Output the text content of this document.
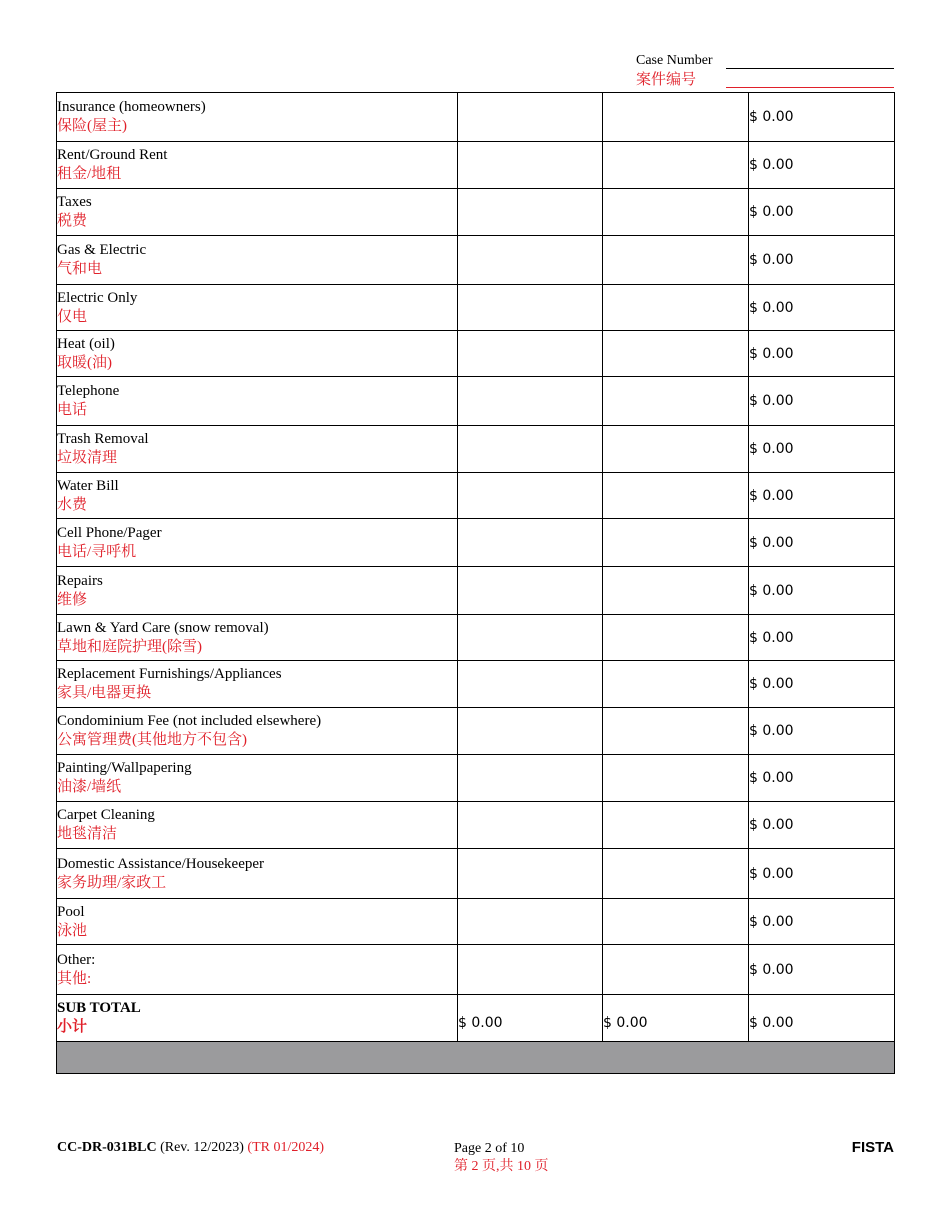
Case Number
案件编号
Insurance (homeowners)
保险(屋主)			$ 0.00

Rent/Ground Rent
租金/地租			$ 0.00

Taxes
税费			$ 0.00

Gas & Electric
气和电			$ 0.00

Electric Only
仅电			$ 0.00

Heat (oil)
取暖(油)			$ 0.00

Telephone
电话			$ 0.00

Trash Removal
垃圾清理			$ 0.00

Water Bill
水费			$ 0.00

Cell Phone/Pager
电话/寻呼机			$ 0.00

Repairs
维修			$ 0.00

Lawn & Yard Care (snow removal)
草地和庭院护理(除雪)			$ 0.00

Replacement Furnishings/Appliances
家具/电器更换			$ 0.00

Condominium Fee (not included elsewhere)
公寓管理费(其他地方不包含)			$ 0.00

Painting/Wallpapering
油漆/墙纸			$ 0.00

Carpet Cleaning
地毯清洁			$ 0.00

Domestic Assistance/Housekeeper
家务助理/家政工			$ 0.00

Pool
泳池			$ 0.00

Other:
其他:			$ 0.00

SUB TOTAL
小计	$ 0.00	$ 0.00	$ 0.00

CC-DR-031BLC (Rev. 12/2023) (TR 01/2024)	Page 2 of 10
第 2 页,共 10 页
FISTA
